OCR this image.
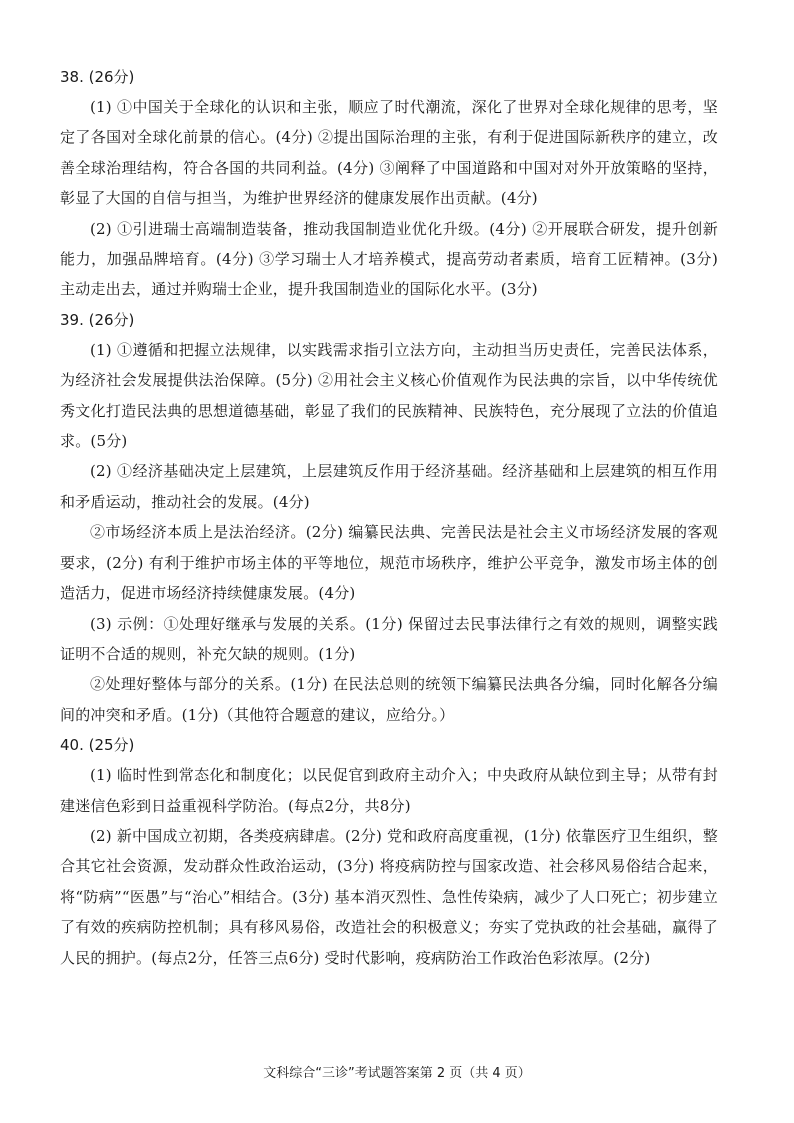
38. (26分)

(1) ①中国关于全球化的认识和主张，顺应了时代潮流，深化了世界对全球化规律的思考，坚定了各国对全球化前景的信心。(4分) ②提出国际治理的主张，有利于促进国际新秩序的建立，改善全球治理结构，符合各国的共同利益。(4分) ③阐释了中国道路和中国对对外开放策略的坚持，彰显了大国的自信与担当，为维护世界经济的健康发展作出贡献。(4分)

(2) ①引进瑞士高端制造装备，推动我国制造业优化升级。(4分) ②开展联合研发，提升创新能力，加强品牌培育。(4分) ③学习瑞士人才培养模式，提高劳动者素质，培育工匠精神。(3分) 主动走出去，通过并购瑞士企业，提升我国制造业的国际化水平。(3分)

39. (26分)

(1) ①遵循和把握立法规律，以实践需求指引立法方向，主动担当历史责任，完善民法体系，为经济社会发展提供法治保障。(5分) ②用社会主义核心价值观作为民法典的宗旨，以中华传统优秀文化打造民法典的思想道德基础，彰显了我们的民族精神、民族特色，充分展现了立法的价值追求。(5分)

(2) ①经济基础决定上层建筑，上层建筑反作用于经济基础。经济基础和上层建筑的相互作用和矛盾运动，推动社会的发展。(4分)

②市场经济本质上是法治经济。(2分) 编纂民法典、完善民法是社会主义市场经济发展的客观要求，(2分) 有利于维护市场主体的平等地位，规范市场秩序，维护公平竞争，激发市场主体的创造活力，促进市场经济持续健康发展。(4分)

(3) 示例：①处理好继承与发展的关系。(1分) 保留过去民事法律行之有效的规则，调整实践证明不合适的规则，补充欠缺的规则。(1分)

②处理好整体与部分的关系。(1分) 在民法总则的统领下编纂民法典各分编，同时化解各分编间的冲突和矛盾。(1分)（其他符合题意的建议，应给分。）

40. (25分)

(1) 临时性到常态化和制度化；以民促官到政府主动介入；中央政府从缺位到主导；从带有封建迷信色彩到日益重视科学防治。(每点2分，共8分)

(2) 新中国成立初期，各类疫病肆虐。(2分) 党和政府高度重视，(1分) 依靠医疗卫生组织，整合其它社会资源，发动群众性政治运动，(3分) 将疫病防控与国家改造、社会移风易俗结合起来，将“防病”“医愚”与“治心”相结合。(3分) 基本消灭烈性、急性传染病，减少了人口死亡；初步建立了有效的疾病防控机制；具有移风易俗，改造社会的积极意义；夯实了党执政的社会基础，赢得了人民的拥护。(每点2分，任答三点6分) 受时代影响，疫病防治工作政治色彩浓厚。(2分)

文科综合“三诊”考试题答案第 2 页（共 4 页）
